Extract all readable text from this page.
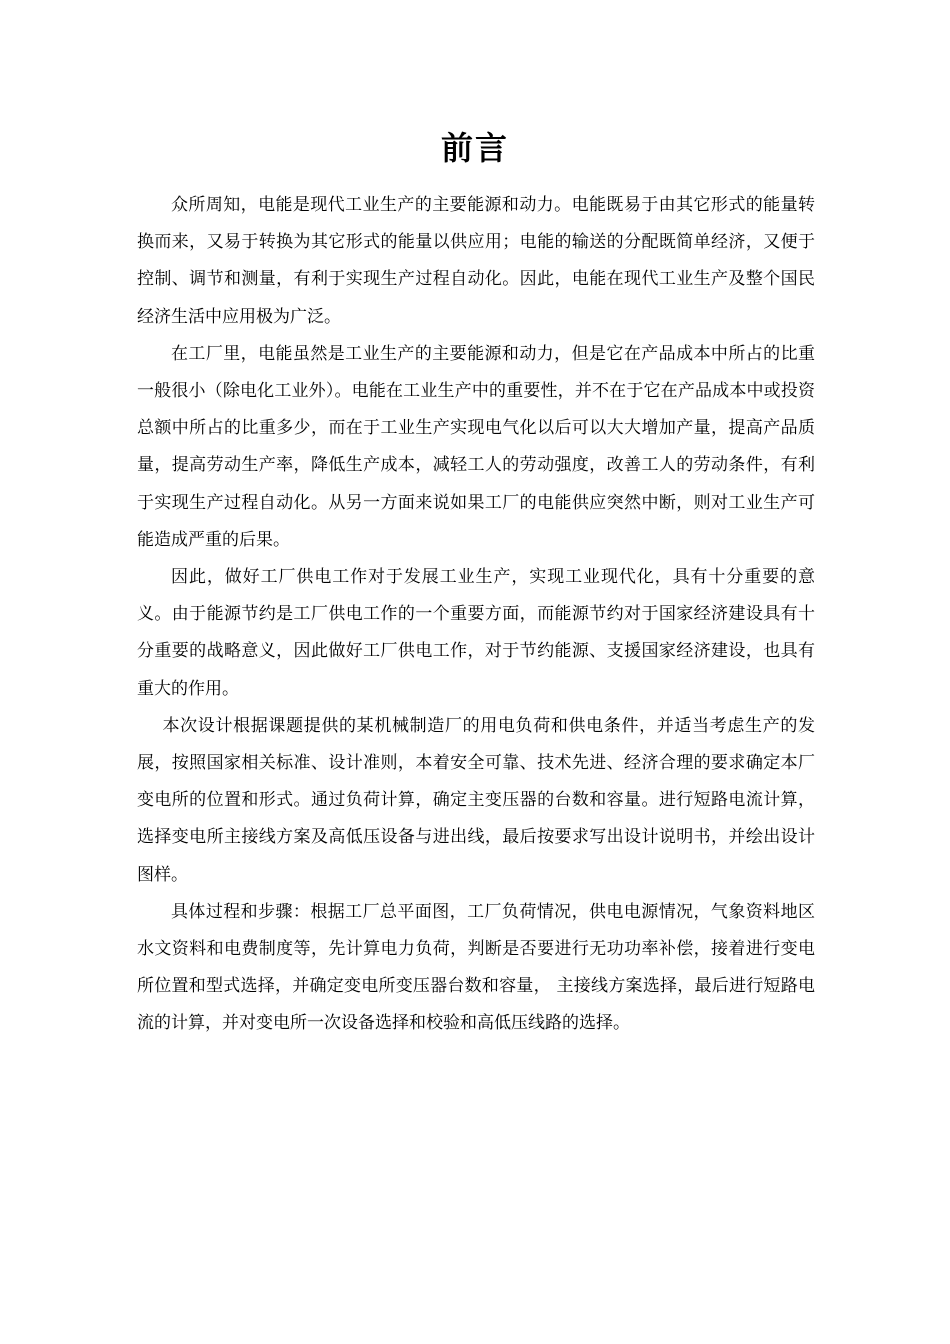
前言

众所周知，电能是现代工业生产的主要能源和动力。电能既易于由其它形式的能量转换而来，又易于转换为其它形式的能量以供应用；电能的输送的分配既简单经济，又便于控制、调节和测量，有利于实现生产过程自动化。因此，电能在现代工业生产及整个国民经济生活中应用极为广泛。

在工厂里，电能虽然是工业生产的主要能源和动力，但是它在产品成本中所占的比重一般很小（除电化工业外）。电能在工业生产中的重要性，并不在于它在产品成本中或投资总额中所占的比重多少，而在于工业生产实现电气化以后可以大大增加产量，提高产品质量，提高劳动生产率，降低生产成本，减轻工人的劳动强度，改善工人的劳动条件，有利于实现生产过程自动化。从另一方面来说如果工厂的电能供应突然中断，则对工业生产可能造成严重的后果。

因此，做好工厂供电工作对于发展工业生产，实现工业现代化，具有十分重要的意义。由于能源节约是工厂供电工作的一个重要方面，而能源节约对于国家经济建设具有十分重要的战略意义，因此做好工厂供电工作，对于节约能源、支援国家经济建设，也具有重大的作用。

本次设计根据课题提供的某机械制造厂的用电负荷和供电条件，并适当考虑生产的发展，按照国家相关标准、设计准则，本着安全可靠、技术先进、经济合理的要求确定本厂变电所的位置和形式。通过负荷计算，确定主变压器的台数和容量。进行短路电流计算，选择变电所主接线方案及高低压设备与进出线，最后按要求写出设计说明书，并绘出设计图样。

具体过程和步骤：根据工厂总平面图，工厂负荷情况，供电电源情况，气象资料地区水文资料和电费制度等，先计算电力负荷，判断是否要进行无功功率补偿，接着进行变电所位置和型式选择，并确定变电所变压器台数和容量， 主接线方案选择，最后进行短路电流的计算，并对变电所一次设备选择和校验和高低压线路的选择。
